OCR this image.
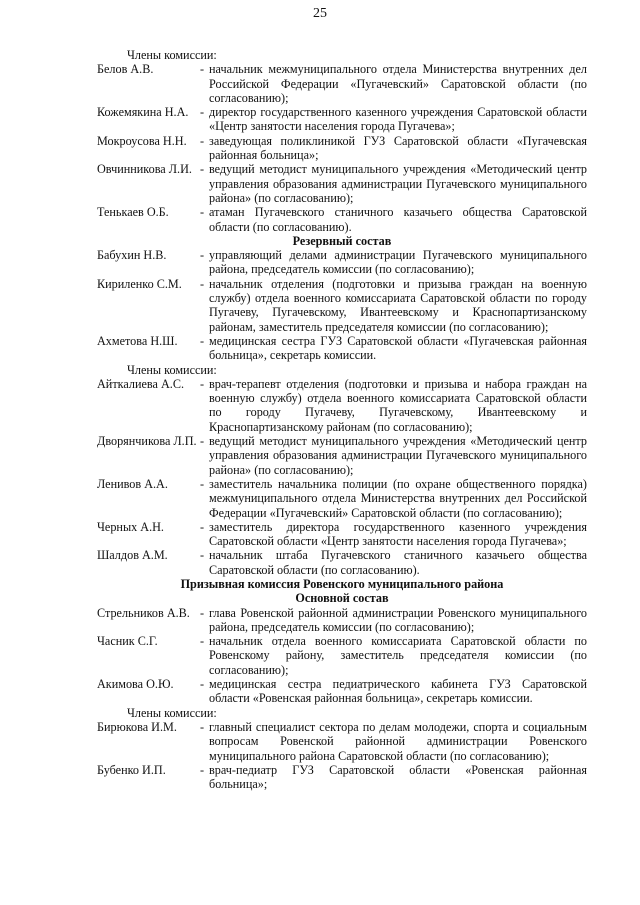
25
Члены комиссии:
Белов А.В.	- начальник межмуниципального отдела Министерства внутренних дел Российской Федерации «Пугачевский» Саратовской области (по согласованию);
Кожемякина Н.А. - директор государственного казенного учреждения Саратовской области «Центр занятости населения города Пугачева»;
Мокроусова Н.Н.	- заведующая поликлиникой ГУЗ Саратовской области «Пугачевская районная больница»;
Овчинникова Л.И. - ведущий методист муниципального учреждения «Методический центр управления образования администрации Пугачевского муниципального района» (по согласованию);
Тенькаев О.Б.	- атаман Пугачевского станичного казачьего общества Саратовской области (по согласованию).
Резервный состав
Бабухин Н.В.	- управляющий делами администрации Пугачевского муниципального района, председатель комиссии (по согласованию);
Кириленко С.М.	- начальник отделения (подготовки и призыва граждан на военную службу) отдела военного комиссариата Саратовской области по городу Пугачеву, Пугачевскому, Ивантеевскому и Краснопартизанскому районам, заместитель председателя комиссии (по согласованию);
Ахметова Н.Ш.	- медицинская сестра ГУЗ Саратовской области «Пугачевская районная больница», секретарь комиссии.
Члены комиссии:
Айткалиева А.С.	- врач-терапевт отделения (подготовки и призыва и набора граждан на военную службу) отдела военного комиссариата Саратовской области по городу Пугачеву, Пугачевскому, Ивантеевскому и Краснопартизанскому районам (по согласованию);
Дворянчикова Л.П. - ведущий методист муниципального учреждения «Методический центр управления образования администрации Пугачевского муниципального района» (по согласованию);
Ленивов А.А.	- заместитель начальника полиции (по охране общественного порядка) межмуниципального отдела Министерства внутренних дел Российской Федерации «Пугачевский» Саратовской области (по согласованию);
Черных А.Н.	- заместитель директора государственного казенного учреждения Саратовской области «Центр занятости населения города Пугачева»;
Шалдов А.М.	- начальник штаба Пугачевского станичного казачьего общества Саратовской области (по согласованию).
Призывная комиссия Ровенского муниципального района
Основной состав
Стрельников А.В. - глава Ровенской районной администрации Ровенского муниципального района, председатель комиссии (по согласованию);
Часник С.Г.	- начальник отдела военного комиссариата Саратовской области по Ровенскому району, заместитель председателя комиссии (по согласованию);
Акимова О.Ю.	- медицинская сестра педиатрического кабинета ГУЗ Саратовской области «Ровенская районная больница», секретарь комиссии.
Члены комиссии:
Бирюкова И.М.	- главный специалист сектора по делам молодежи, спорта и социальным вопросам Ровенской районной администрации Ровенского муниципального района Саратовской области (по согласованию);
Бубенко И.П.	- врач-педиатр ГУЗ Саратовской области «Ровенская районная больница»;
